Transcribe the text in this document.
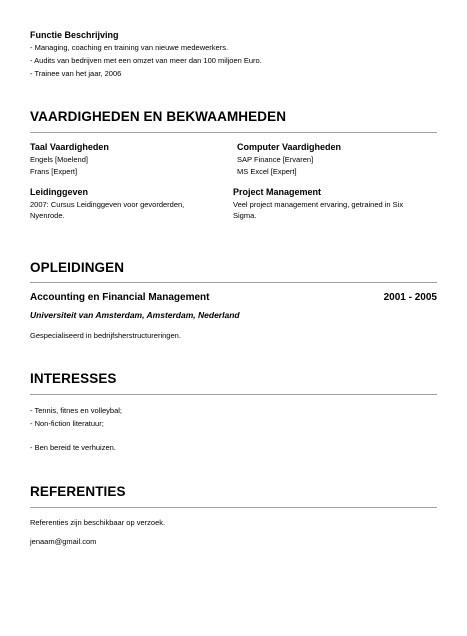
Functie Beschrijving
- Managing, coaching en training van nieuwe medewerkers.
- Audits van bedrijven met een omzet van meer dan 100 miljoen Euro.
- Trainee van het jaar, 2006
VAARDIGHEDEN EN BEKWAAMHEDEN
Taal Vaardigheden
Engels [Moelend]
Frans [Expert]
Computer Vaardigheden
SAP Finance [Ervaren]
MS Excel [Expert]
Leidinggeven
2007: Cursus Leidinggeven voor gevorderden, Nyenrode.
Project Management
Veel project management ervaring, getrained in Six Sigma.
OPLEIDINGEN
Accounting en Financial Management	2001 - 2005
Universiteit van Amsterdam, Amsterdam, Nederland
Gespecialiseerd in bedrijfsherstructureringen.
INTERESSES
- Tennis, fitnes en volleybal;
- Non-fiction literatuur;
- Ben bereid te verhuizen.
REFERENTIES
Referenties zijn beschikbaar op verzoek.
jenaam@gmail.com
